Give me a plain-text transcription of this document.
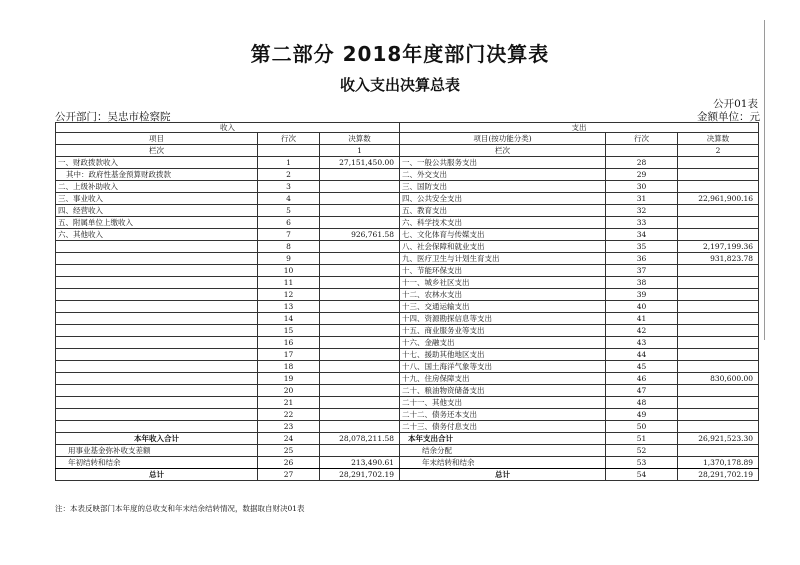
第二部分 2018年度部门决算表
收入支出决算总表
公开01表
公开部门：吴忠市检察院	金额单位：元
收入			支出		
项目	行次	决算数	项目(按功能分类)	行次	决算数
栏次		1	栏次		2
一、财政拨款收入	1	27,151,450.00	一、一般公共服务支出	28	
其中：政府性基金预算财政拨款	2		二、外交支出	29	
二、上级补助收入	3		三、国防支出	30	
三、事业收入	4		四、公共安全支出	31	22,961,900.16
四、经营收入	5		五、教育支出	32	
五、附属单位上缴收入	6		六、科学技术支出	33	
六、其他收入	7	926,761.58	七、文化体育与传媒支出	34	
	8		八、社会保障和就业支出	35	2,197,199.36
	9		九、医疗卫生与计划生育支出	36	931,823.78
	10		十、节能环保支出	37	
	11		十一、城乡社区支出	38	
	12		十二、农林水支出	39	
	13		十三、交通运输支出	40	
	14		十四、资源勘探信息等支出	41	
	15		十五、商业服务业等支出	42	
	16		十六、金融支出	43	
	17		十七、援助其他地区支出	44	
	18		十八、国土海洋气象等支出	45	
	19		十九、住房保障支出	46	830,600.00
	20		二十、粮油物资储备支出	47	
	21		二十一、其他支出	48	
	22		二十二、债务还本支出	49	
	23		二十三、债务付息支出	50	
本年收入合计	24	28,078,211.58	本年支出合计	51	26,921,523.30
用事业基金弥补收支差额	25		结余分配	52	
年初结转和结余	26	213,490.61	年末结转和结余	53	1,370,178.89
总计	27	28,291,702.19	总计	54	28,291,702.19
注：本表反映部门本年度的总收支和年末结余结转情况，数据取自财决01表
